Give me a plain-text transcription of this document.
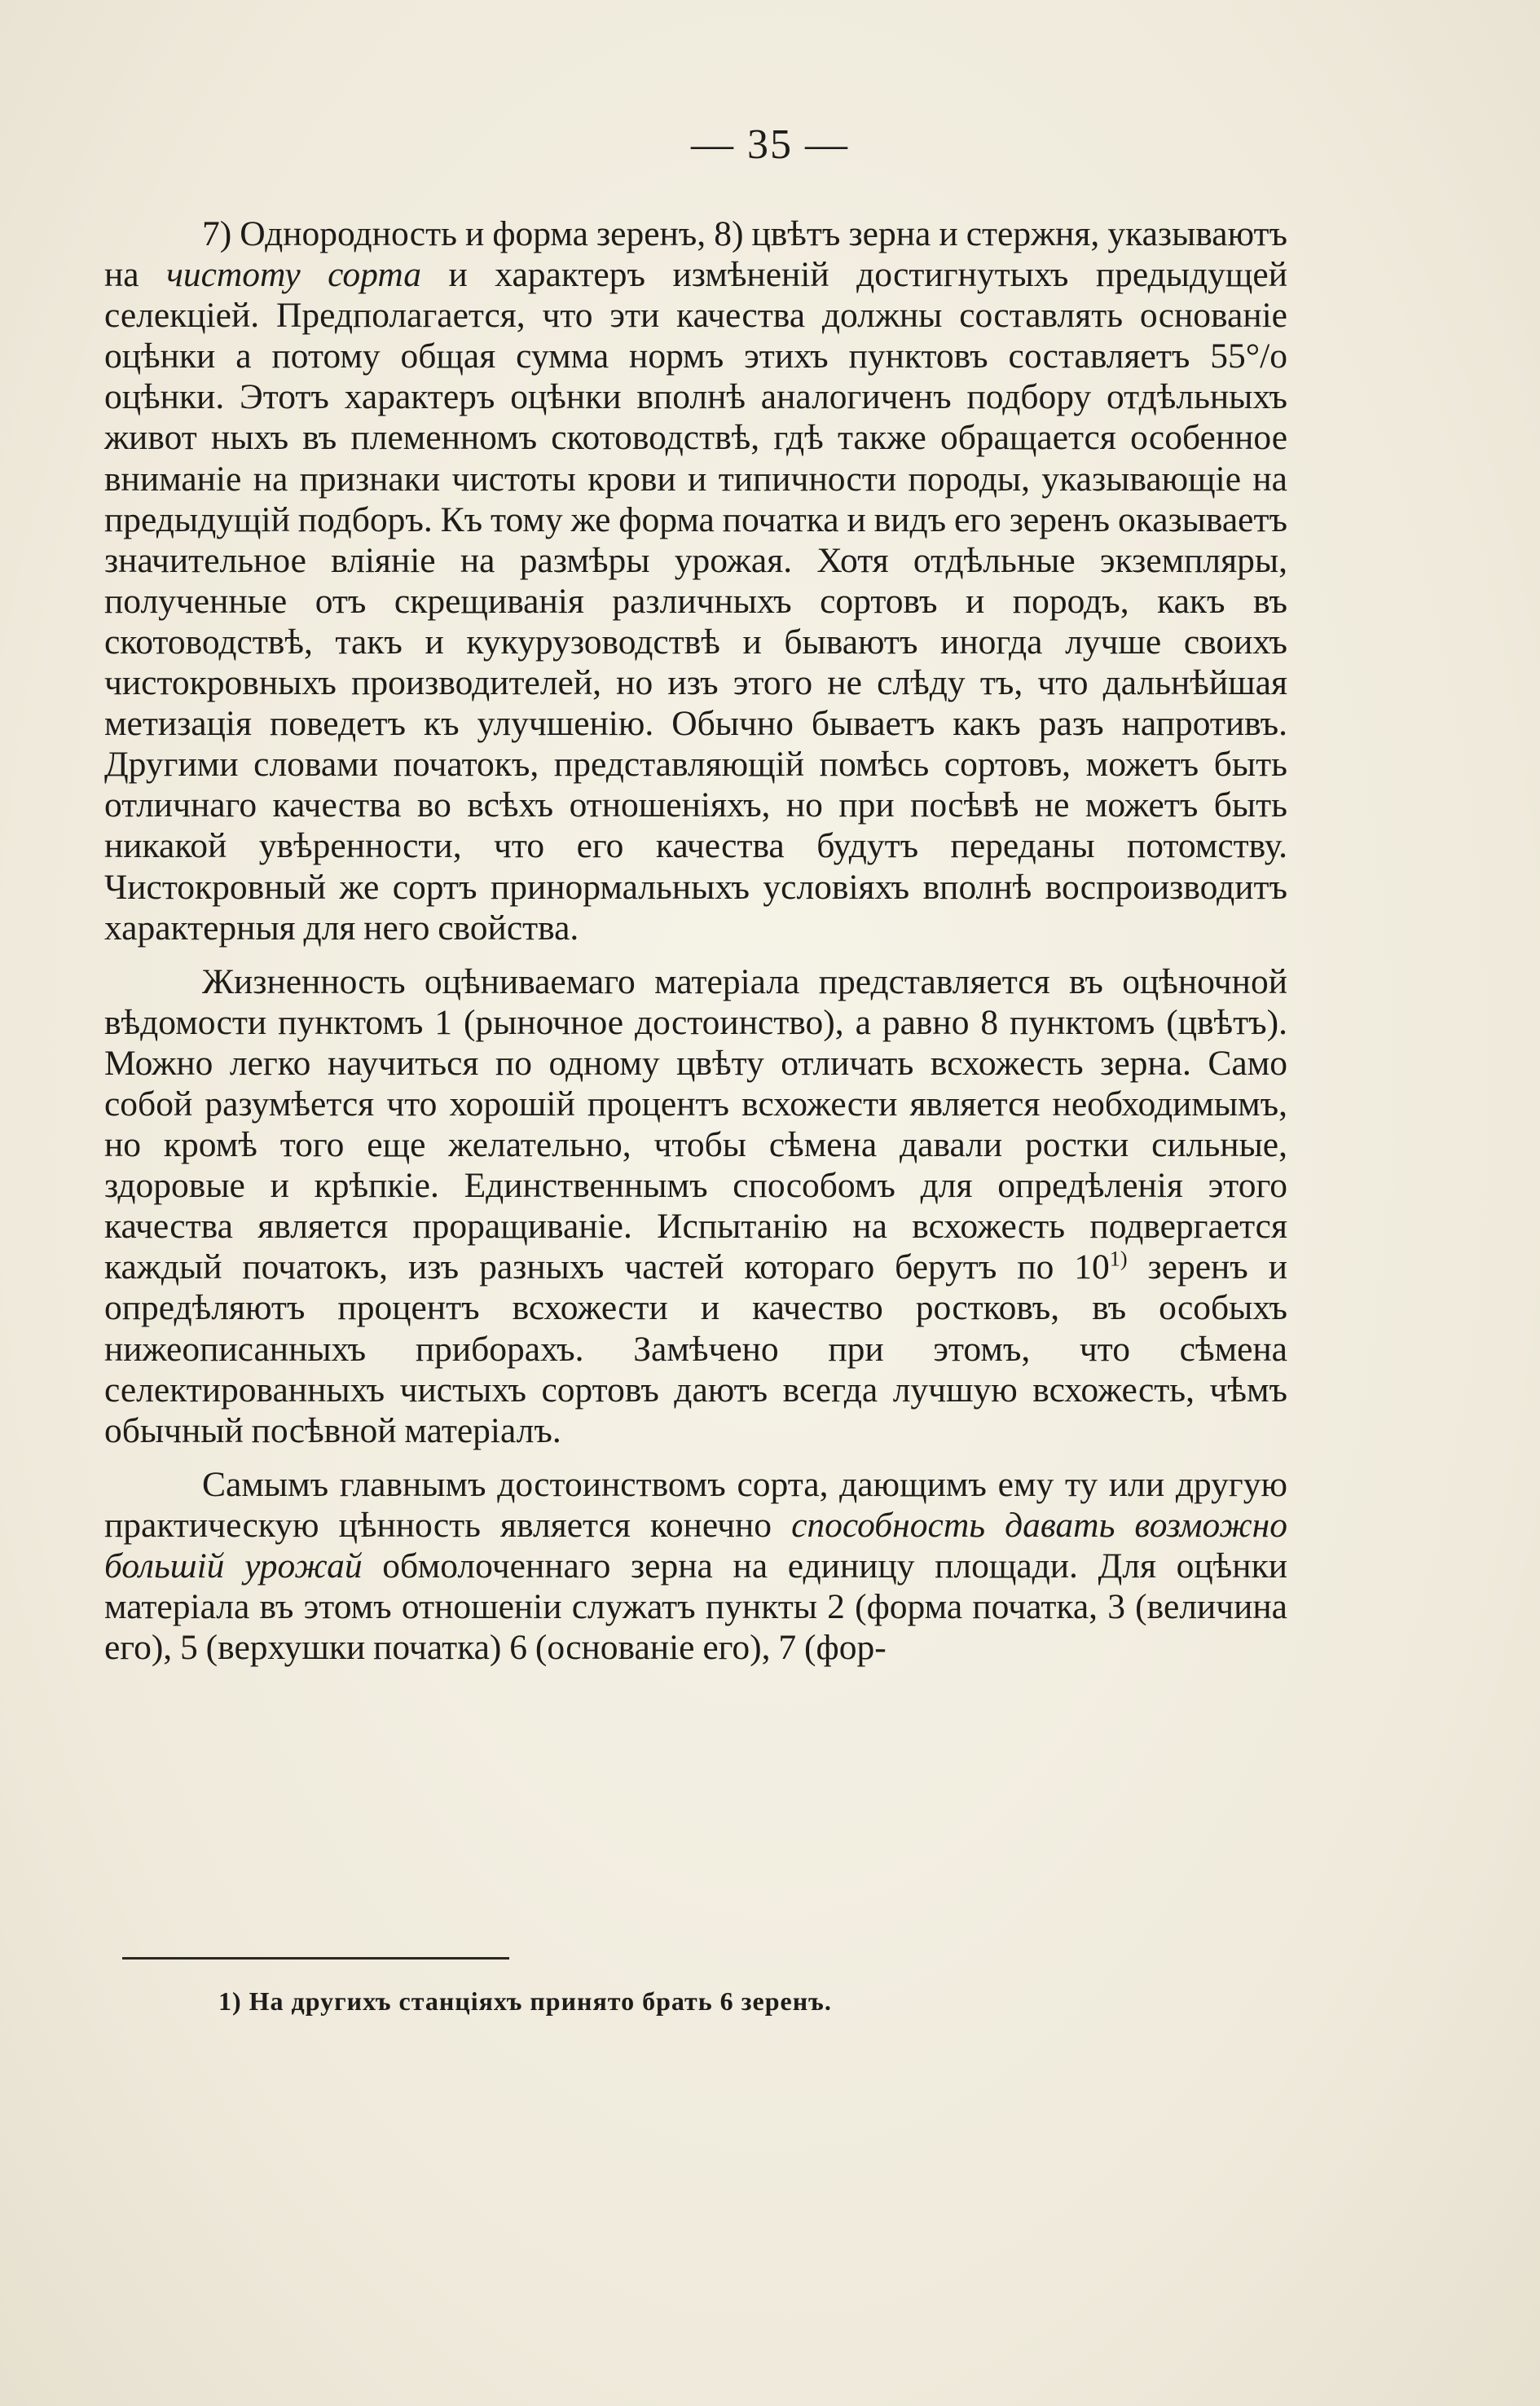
— 35 —

7) Однородность и форма зеренъ, 8) цвѣтъ зерна и стержня, указываютъ на чистоту сорта и характеръ измѣненій достигнутыхъ предыдущей селекціей. Предполагается, что эти качества должны составлять основаніе оцѣнки а потому общая сумма нормъ этихъ пунктовъ составляетъ 55°/о оцѣнки. Этотъ характеръ оцѣнки вполнѣ аналогиченъ подбору отдѣльныхъ живот ныхъ въ племенномъ скотоводствѣ, гдѣ также обращается особенное вниманіе на признаки чистоты крови и типичности породы, указывающіе на предыдущій подборъ. Къ тому же форма початка и видъ его зеренъ оказываетъ значительное вліяніе на размѣры урожая. Хотя отдѣльные экземпляры, полученные отъ скрещиванія различныхъ сортовъ и породъ, какъ въ скотоводствѣ, такъ и кукурузоводствѣ и бываютъ иногда лучше своихъ чистокровныхъ производителей, но изъ этого не слѣду тъ, что дальнѣйшая метизація поведетъ къ улучшенію. Обычно бываетъ какъ разъ напротивъ. Другими словами початокъ, представляющій помѣсь сортовъ, можетъ быть отличнаго качества во всѣхъ отношеніяхъ, но при посѣвѣ не можетъ быть никакой увѣренности, что его качества будутъ переданы потомству. Чистокровный же сортъ принормальныхъ условіяхъ вполнѣ воспроизводитъ характерныя для него свойства.

Жизненность оцѣниваемаго матеріала представляется въ оцѣночной вѣдомости пунктомъ 1 (рыночное достоинство), а равно 8 пунктомъ (цвѣтъ). Можно легко научиться по одному цвѣту отличать всхожесть зерна. Само собой разумѣется что хорошій процентъ всхожести является необходимымъ, но кромѣ того еще желательно, чтобы сѣмена давали ростки сильные, здоровые и крѣпкіе. Единственнымъ способомъ для опредѣленія этого качества является проращиваніе. Испытанію на всхожесть подвергается каждый початокъ, изъ разныхъ частей котораго берутъ по 10$^{1)}$ зеренъ и опредѣляютъ процентъ всхожести и качество ростковъ, въ особыхъ нижеописанныхъ приборахъ. Замѣчено при этомъ, что сѣмена селектированныхъ чистыхъ сортовъ даютъ всегда лучшую всхожесть, чѣмъ обычный посѣвной матеріалъ.

Самымъ главнымъ достоинствомъ сорта, дающимъ ему ту или другую практическую цѣнность является конечно способность давать возможно большій урожай обмолоченнаго зерна на единицу площади. Для оцѣнки матеріала въ этомъ отношеніи служатъ пункты 2 (форма початка, 3 (величина его), 5 (верхушки початка) 6 (основаніе его), 7 (фор-

1) На другихъ станціяхъ принято брать 6 зеренъ.
